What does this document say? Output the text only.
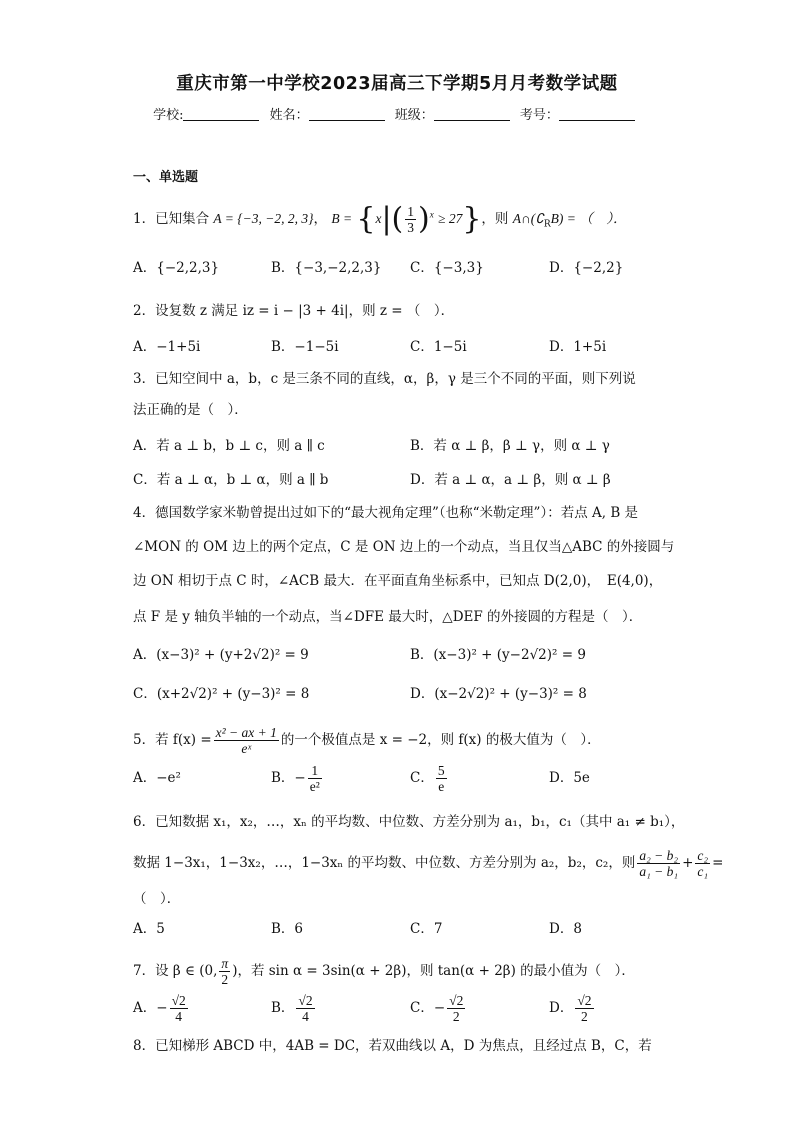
重庆市第一中学校2023届高三下学期5月月考数学试题
学校:	姓名：	班级：	考号：
一、单选题
1．已知集合 A = {−3, −2, 2, 3}， $B = \{x|( \frac{1}{3} )^x \ge 27\}$，则 $A\cap(∁_RB)$ = （　）．
A．{−2,2,3}	B．{−3,−2,2,3} C．{−3,3}	D．{−2,2}
2．设复数 z 满足 iz = i − |3 + 4i|，则 z = （　）．
A．−1+5i	B．−1−5i	C．1−5i	D．1+5i
3．已知空间中 a，b，c 是三条不同的直线，α，β，γ 是三个不同的平面，则下列说
法正确的是（　）．
A．若 a ⊥ b，b ⊥ c，则 a ∥ c	B．若 α ⊥ β，β ⊥ γ，则 α ⊥ γ
C．若 a ⊥ α，b ⊥ α，则 a ∥ b	D．若 a ⊥ α，a ⊥ β，则 α ⊥ β
4．德国数学家米勒曾提出过如下的“最大视角定理”（也称“米勒定理”）：若点 A, B 是
∠MON 的 OM 边上的两个定点，C 是 ON 边上的一个动点，当且仅当△ABC 的外接圆与
边 ON 相切于点 C 时，∠ACB 最大．在平面直角坐标系中，已知点 D(2,0)，　E(4,0)，
点 F 是 y 轴负半轴的一个动点，当∠DFE 最大时，△DEF 的外接圆的方程是（　）．
A．(x−3)² + (y+2√2)² = 9	B．(x−3)² + (y−2√2)² = 9
C．(x+2√2)² + (y−3)² = 8	D．(x−2√2)² + (y−3)² = 8
5．若 $f(x) = \frac{\text{x² − ax + 1}}{\text{eˣ}}$ 的一个极值点是 x = −2，则 f(x) 的极大值为（　）．
A．−e²	B．− $\frac{1}{\text{e²}}$	C． $\frac{5}{e}$	D．5e
6．已知数据 x₁，x₂，…，xₙ 的平均数、中位数、方差分别为 a₁，b₁，c₁（其中 a₁ ≠ b₁），
数据 1−3x₁，1−3x₂，…，1−3xₙ 的平均数、中位数、方差分别为 a₂，b₂，c₂，则 $\frac{\text{a₂ − b₂}}{\text{a₁ − b₁}} + \frac{\text{c₂}}{\text{c₁}}$ =
（　）．
A．5	B．6	C．7	D．8
7．设 β ∈ (0, $\frac{\pi}{2}$ )，若 sin α = 3sin(α + 2β)，则 tan(α + 2β) 的最小值为（　）．
A．− $\frac{√2}{4}$	B． $\frac{√2}{4}$	C．− $\frac{√2}{2}$	D． $\frac{√2}{2}$
8．已知梯形 ABCD 中，4AB = DC，若双曲线以 A，D 为焦点，且经过点 B，C，若
